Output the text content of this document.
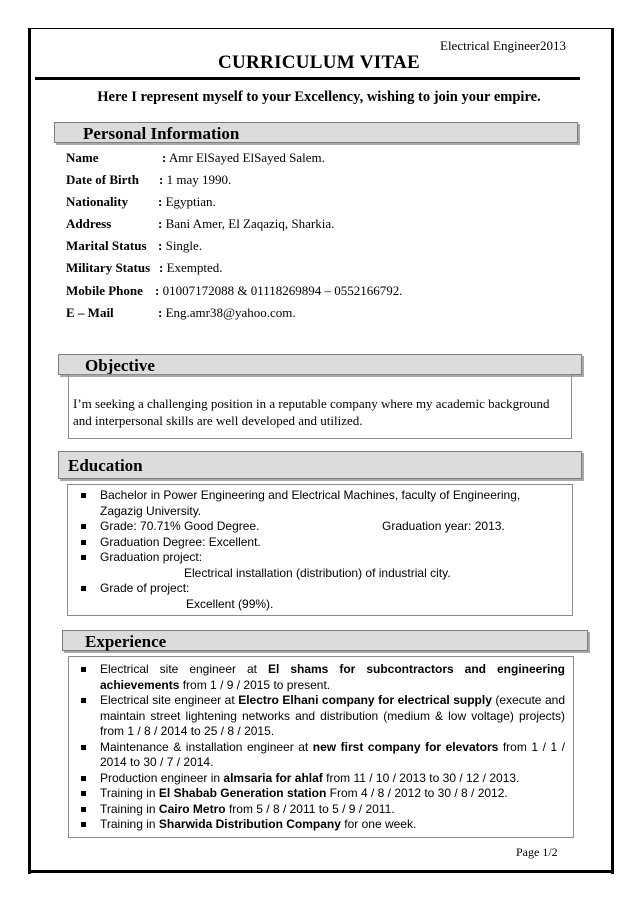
Electrical Engineer2013
CURRICULUM VITAE
Here I represent myself to your Excellency, wishing to join your empire.
Personal Information
Name	: Amr ElSayed ElSayed Salem.
Date of Birth : 1 may 1990.
Nationality : Egyptian.
Address	: Bani Amer, El Zaqaziq, Sharkia.
Marital Status : Single.
Military Status : Exempted.
Mobile Phone : 01007172088 & 01118269894 – 0552166792.
E – Mail	: Eng.amr38@yahoo.com.
Objective
I’m seeking a challenging position in a reputable company where my academic background and interpersonal skills are well developed and utilized.
Education
Bachelor in Power Engineering and Electrical Machines, faculty of Engineering, Zagazig University.
Grade: 70.71% Good Degree.	Graduation year: 2013.
Graduation Degree: Excellent.
Graduation project:
Electrical installation (distribution) of industrial city.
Grade of project:
Excellent (99%).
Experience
Electrical site engineer at El shams for subcontractors and engineering achievements from 1 / 9 / 2015 to present.
Electrical site engineer at Electro Elhani company for electrical supply (execute and maintain street lightening networks and distribution (medium & low voltage) projects) from 1 / 8 / 2014 to 25 / 8 / 2015.
Maintenance & installation engineer at new first company for elevators from 1 / 1 / 2014 to 30 / 7 / 2014.
Production engineer in almsaria for ahlaf from 11 / 10 / 2013 to 30 / 12 / 2013.
Training in El Shabab Generation station From 4 / 8 / 2012 to 30 / 8 / 2012.
Training in Cairo Metro from 5 / 8 / 2011 to 5 / 9 / 2011.
Training in Sharwida Distribution Company for one week.
Page 1/2
